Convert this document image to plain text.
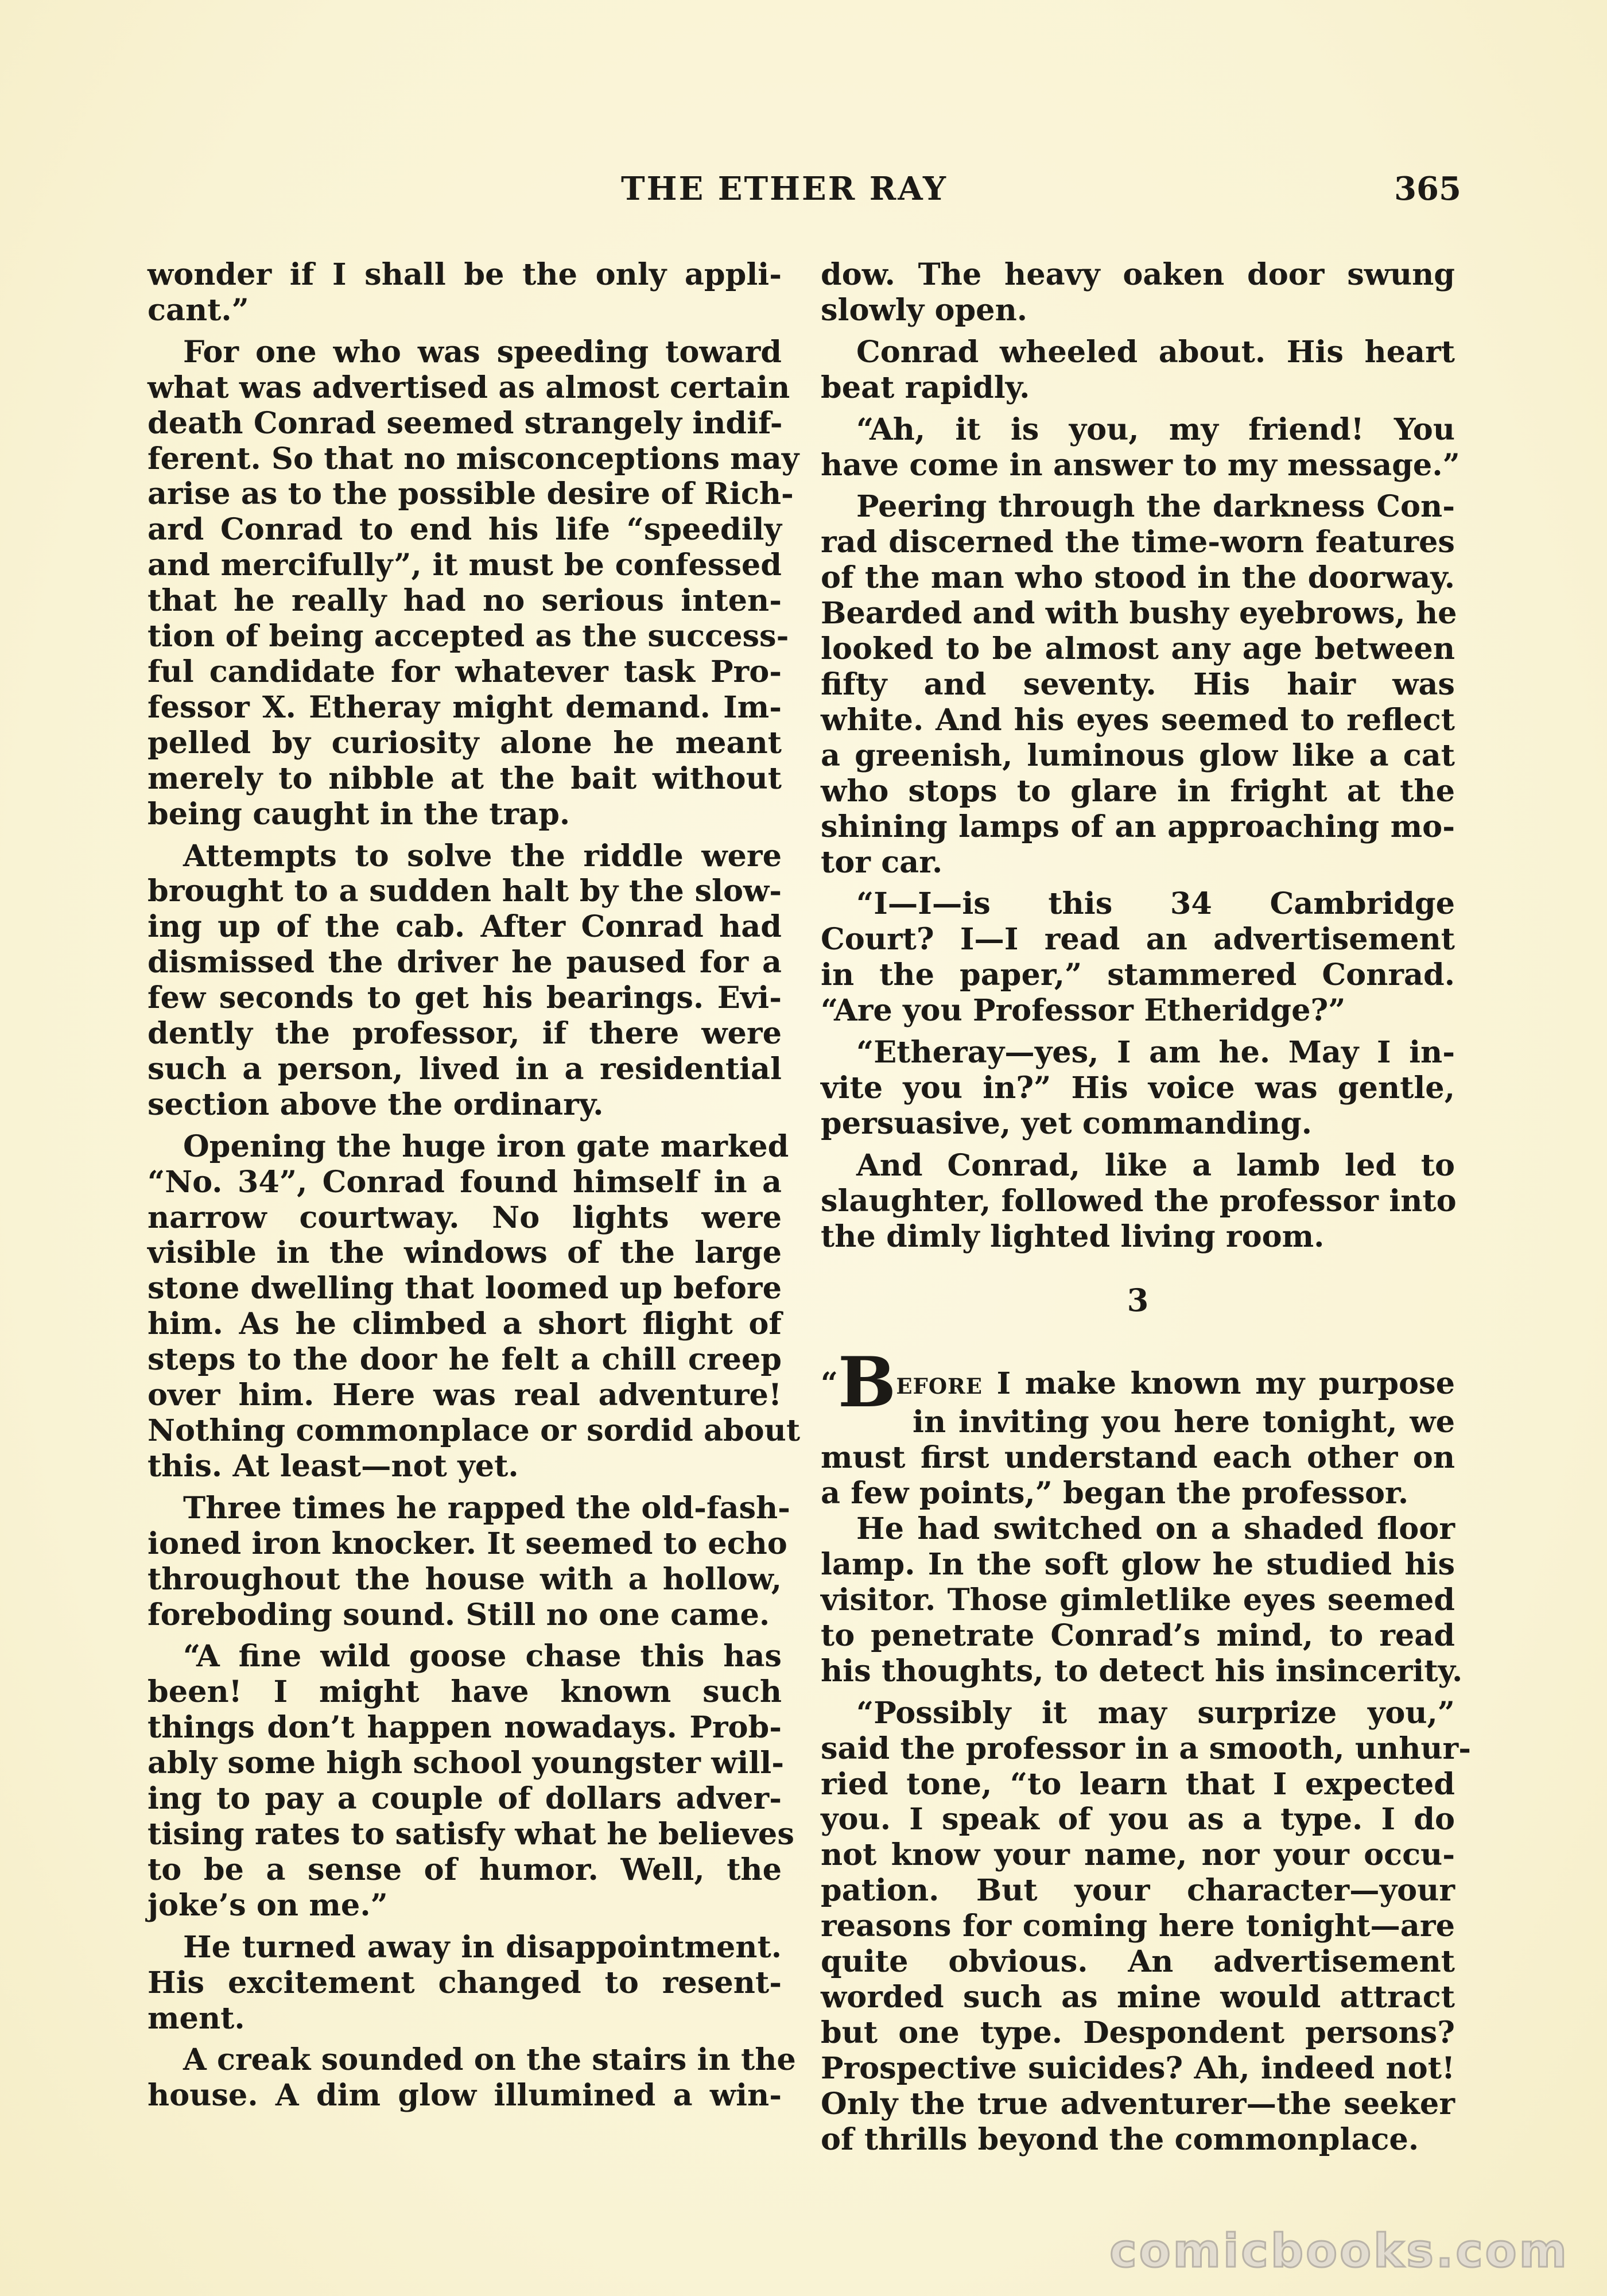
THE ETHER RAY	365

wonder if I shall be the only appli-

cant.”

For one who was speeding toward

what was advertised as almost certain

death Conrad seemed strangely indif-

ferent. So that no misconceptions may

arise as to the possible desire of Rich-

ard Conrad to end his life “speedily

and mercifully”, it must be confessed

that he really had no serious inten-

tion of being accepted as the success-

ful candidate for whatever task Pro-

fessor X. Etheray might demand. Im-

pelled by curiosity alone he meant

merely to nibble at the bait without

being caught in the trap.

Attempts to solve the riddle were

brought to a sudden halt by the slow-

ing up of the cab. After Conrad had

dismissed the driver he paused for a

few seconds to get his bearings. Evi-

dently the professor, if there were

such a person, lived in a residential

section above the ordinary.

Opening the huge iron gate marked

“No. 34”, Conrad found himself in a

narrow courtway. No lights were

visible in the windows of the large

stone dwelling that loomed up before

him. As he climbed a short flight of

steps to the door he felt a chill creep

over him. Here was real adventure!

Nothing commonplace or sordid about

this. At least—not yet.

Three times he rapped the old-fash-

ioned iron knocker. It seemed to echo

throughout the house with a hollow,

foreboding sound. Still no one came.

“A fine wild goose chase this has

been! I might have known such

things don’t happen nowadays. Prob-

ably some high school youngster will-

ing to pay a couple of dollars adver-

tising rates to satisfy what he believes

to be a sense of humor. Well, the

joke’s on me.”

He turned away in disappointment.

His excitement changed to resent-

ment.

A creak sounded on the stairs in the

house. A dim glow illumined a win-

dow. The heavy oaken door swung

slowly open.

Conrad wheeled about. His heart

beat rapidly.

“Ah, it is you, my friend! You

have come in answer to my message.”

Peering through the darkness Con-

rad discerned the time-worn features

of the man who stood in the doorway.

Bearded and with bushy eyebrows, he

looked to be almost any age between

fifty and seventy. His hair was

white. And his eyes seemed to reflect

a greenish, luminous glow like a cat

who stops to glare in fright at the

shining lamps of an approaching mo-

tor car.

“I—I—is this 34 Cambridge

Court? I—I read an advertisement

in the paper,” stammered Conrad.

“Are you Professor Etheridge?”

“Etheray—yes, I am he. May I in-

vite you in?” His voice was gentle,

persuasive, yet commanding.

And Conrad, like a lamb led to

slaughter, followed the professor into

the dimly lighted living room.

3

“Before I make known my purpose

in inviting you here tonight, we

must first understand each other on

a few points,” began the professor.

He had switched on a shaded floor

lamp. In the soft glow he studied his

visitor. Those gimletlike eyes seemed

to penetrate Conrad’s mind, to read

his thoughts, to detect his insincerity.

“Possibly it may surprize you,”

said the professor in a smooth, unhur-

ried tone, “to learn that I expected

you. I speak of you as a type. I do

not know your name, nor your occu-

pation. But your character—your

reasons for coming here tonight—are

quite obvious. An advertisement

worded such as mine would attract

but one type. Despondent persons?

Prospective suicides? Ah, indeed not!

Only the true adventurer—the seeker

of thrills beyond the commonplace.

comicbooks.com
